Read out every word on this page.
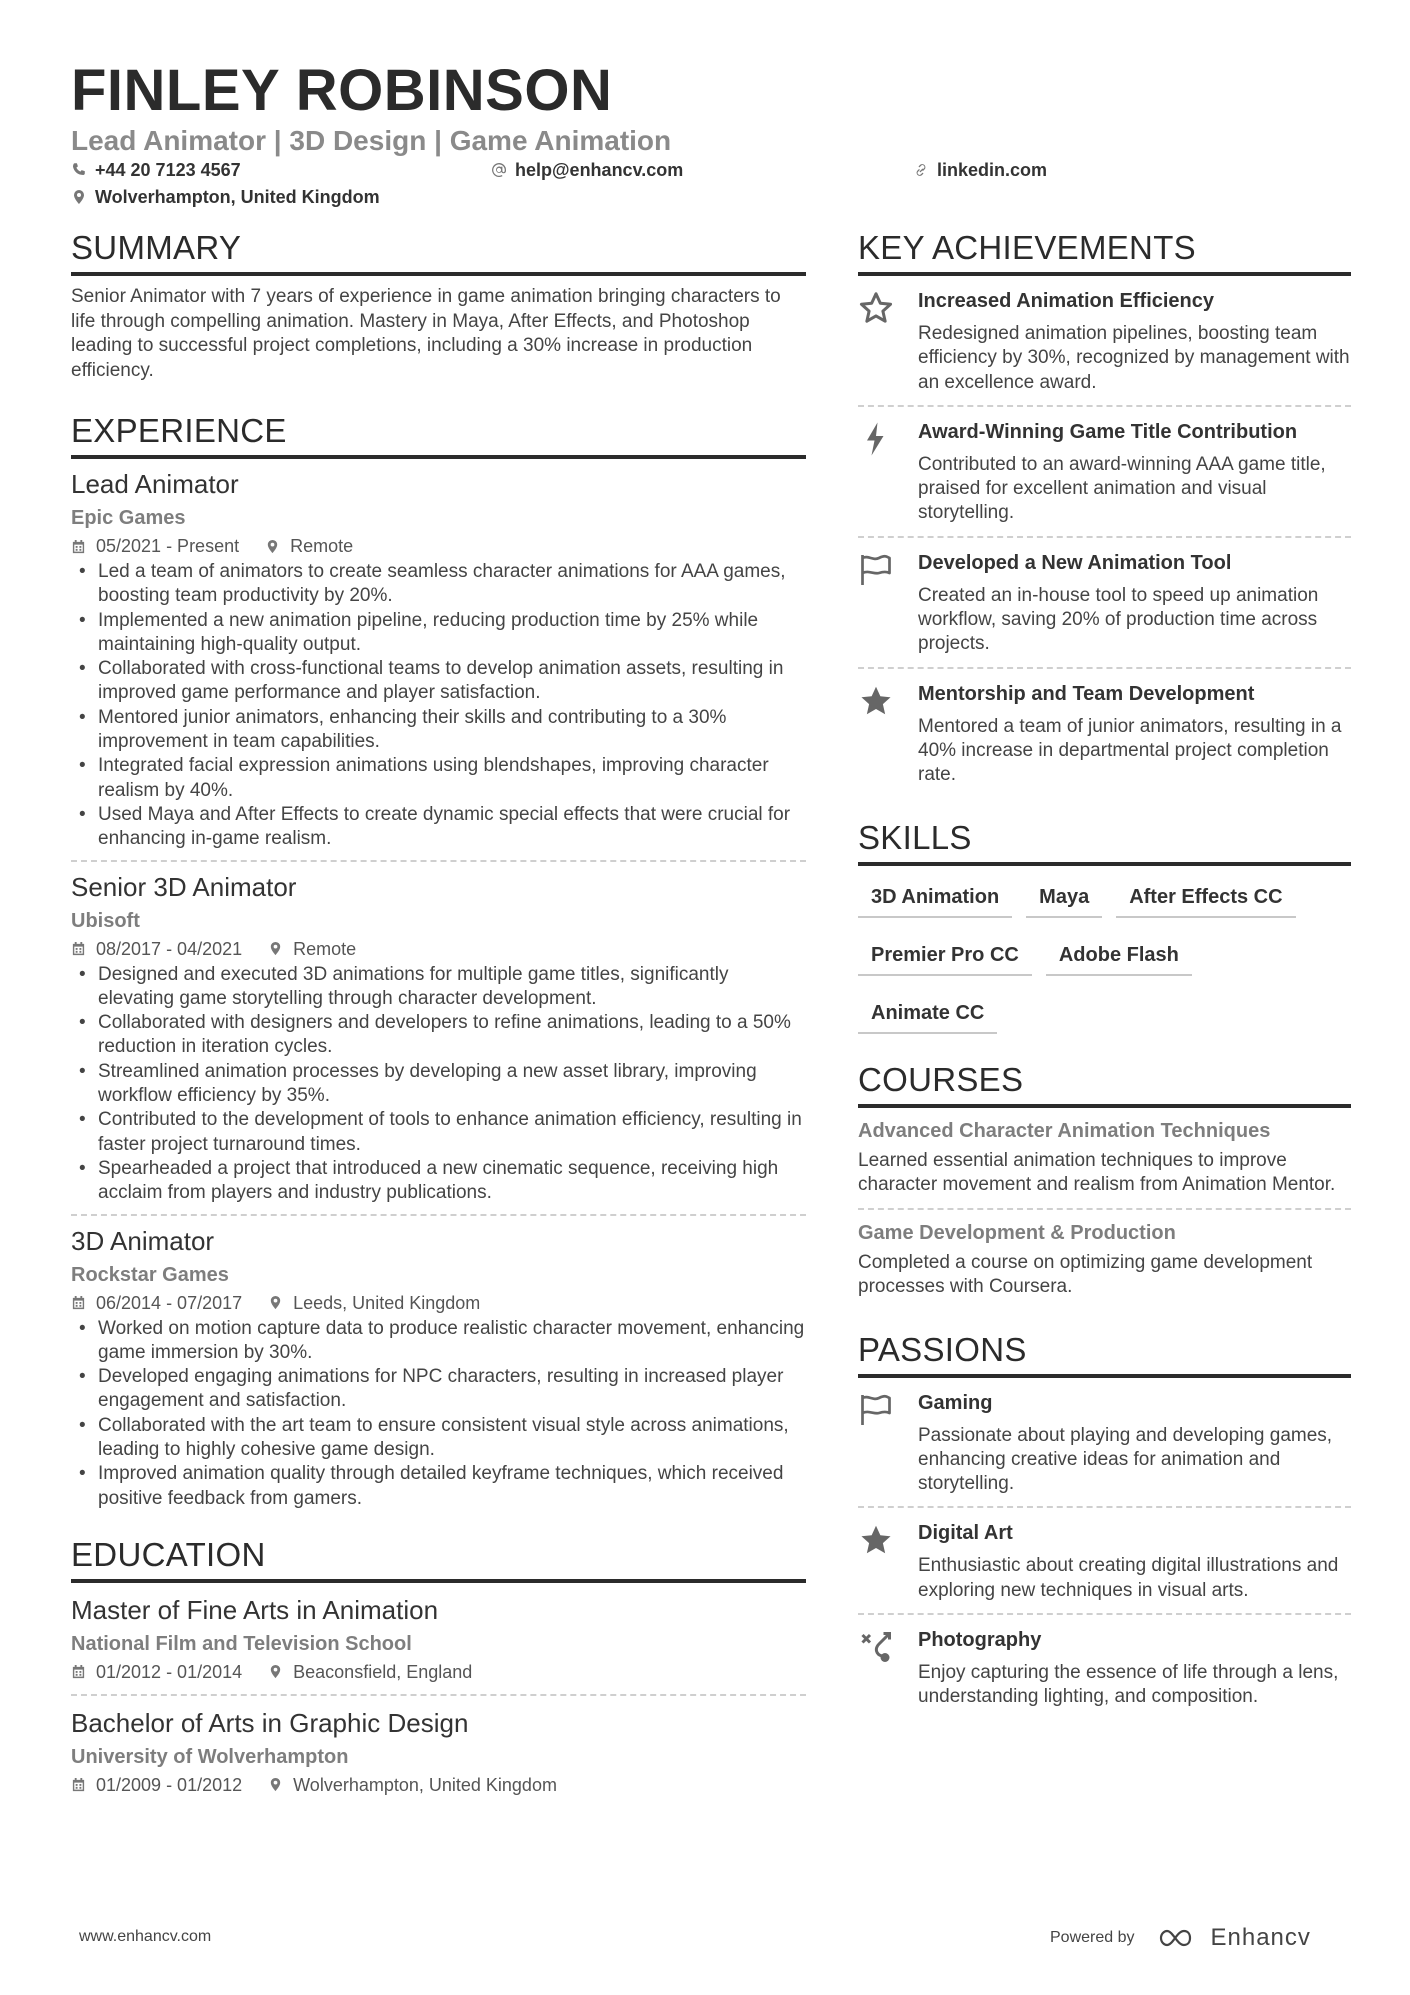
FINLEY ROBINSON
Lead Animator | 3D Design | Game Animation
+44 20 7123 4567	help@enhancv.com	linkedin.com
Wolverhampton, United Kingdom
SUMMARY
Senior Animator with 7 years of experience in game animation bringing characters to life through compelling animation. Mastery in Maya, After Effects, and Photoshop leading to successful project completions, including a 30% increase in production efficiency.
EXPERIENCE
Lead Animator
Epic Games
05/2021 - Present	Remote
• Led a team of animators to create seamless character animations for AAA games, boosting team productivity by 20%.
• Implemented a new animation pipeline, reducing production time by 25% while maintaining high-quality output.
• Collaborated with cross-functional teams to develop animation assets, resulting in improved game performance and player satisfaction.
• Mentored junior animators, enhancing their skills and contributing to a 30% improvement in team capabilities.
• Integrated facial expression animations using blendshapes, improving character realism by 40%.
• Used Maya and After Effects to create dynamic special effects that were crucial for enhancing in-game realism.
Senior 3D Animator
Ubisoft
08/2017 - 04/2021	Remote
• Designed and executed 3D animations for multiple game titles, significantly elevating game storytelling through character development.
• Collaborated with designers and developers to refine animations, leading to a 50% reduction in iteration cycles.
• Streamlined animation processes by developing a new asset library, improving workflow efficiency by 35%.
• Contributed to the development of tools to enhance animation efficiency, resulting in faster project turnaround times.
• Spearheaded a project that introduced a new cinematic sequence, receiving high acclaim from players and industry publications.
3D Animator
Rockstar Games
06/2014 - 07/2017	Leeds, United Kingdom
• Worked on motion capture data to produce realistic character movement, enhancing game immersion by 30%.
• Developed engaging animations for NPC characters, resulting in increased player engagement and satisfaction.
• Collaborated with the art team to ensure consistent visual style across animations, leading to highly cohesive game design.
• Improved animation quality through detailed keyframe techniques, which received positive feedback from gamers.
EDUCATION
Master of Fine Arts in Animation
National Film and Television School
01/2012 - 01/2014	Beaconsfield, England
Bachelor of Arts in Graphic Design
University of Wolverhampton
01/2009 - 01/2012	Wolverhampton, United Kingdom
KEY ACHIEVEMENTS
Increased Animation Efficiency
Redesigned animation pipelines, boosting team efficiency by 30%, recognized by management with an excellence award.
Award-Winning Game Title Contribution
Contributed to an award-winning AAA game title, praised for excellent animation and visual storytelling.
Developed a New Animation Tool
Created an in-house tool to speed up animation workflow, saving 20% of production time across projects.
Mentorship and Team Development
Mentored a team of junior animators, resulting in a 40% increase in departmental project completion rate.
SKILLS
3D Animation	Maya	After Effects CC
Premier Pro CC	Adobe Flash
Animate CC
COURSES
Advanced Character Animation Techniques
Learned essential animation techniques to improve character movement and realism from Animation Mentor.
Game Development & Production
Completed a course on optimizing game development processes with Coursera.
PASSIONS
Gaming
Passionate about playing and developing games, enhancing creative ideas for animation and storytelling.
Digital Art
Enthusiastic about creating digital illustrations and exploring new techniques in visual arts.
Photography
Enjoy capturing the essence of life through a lens, understanding lighting, and composition.
www.enhancv.com	Powered by	Enhancv
